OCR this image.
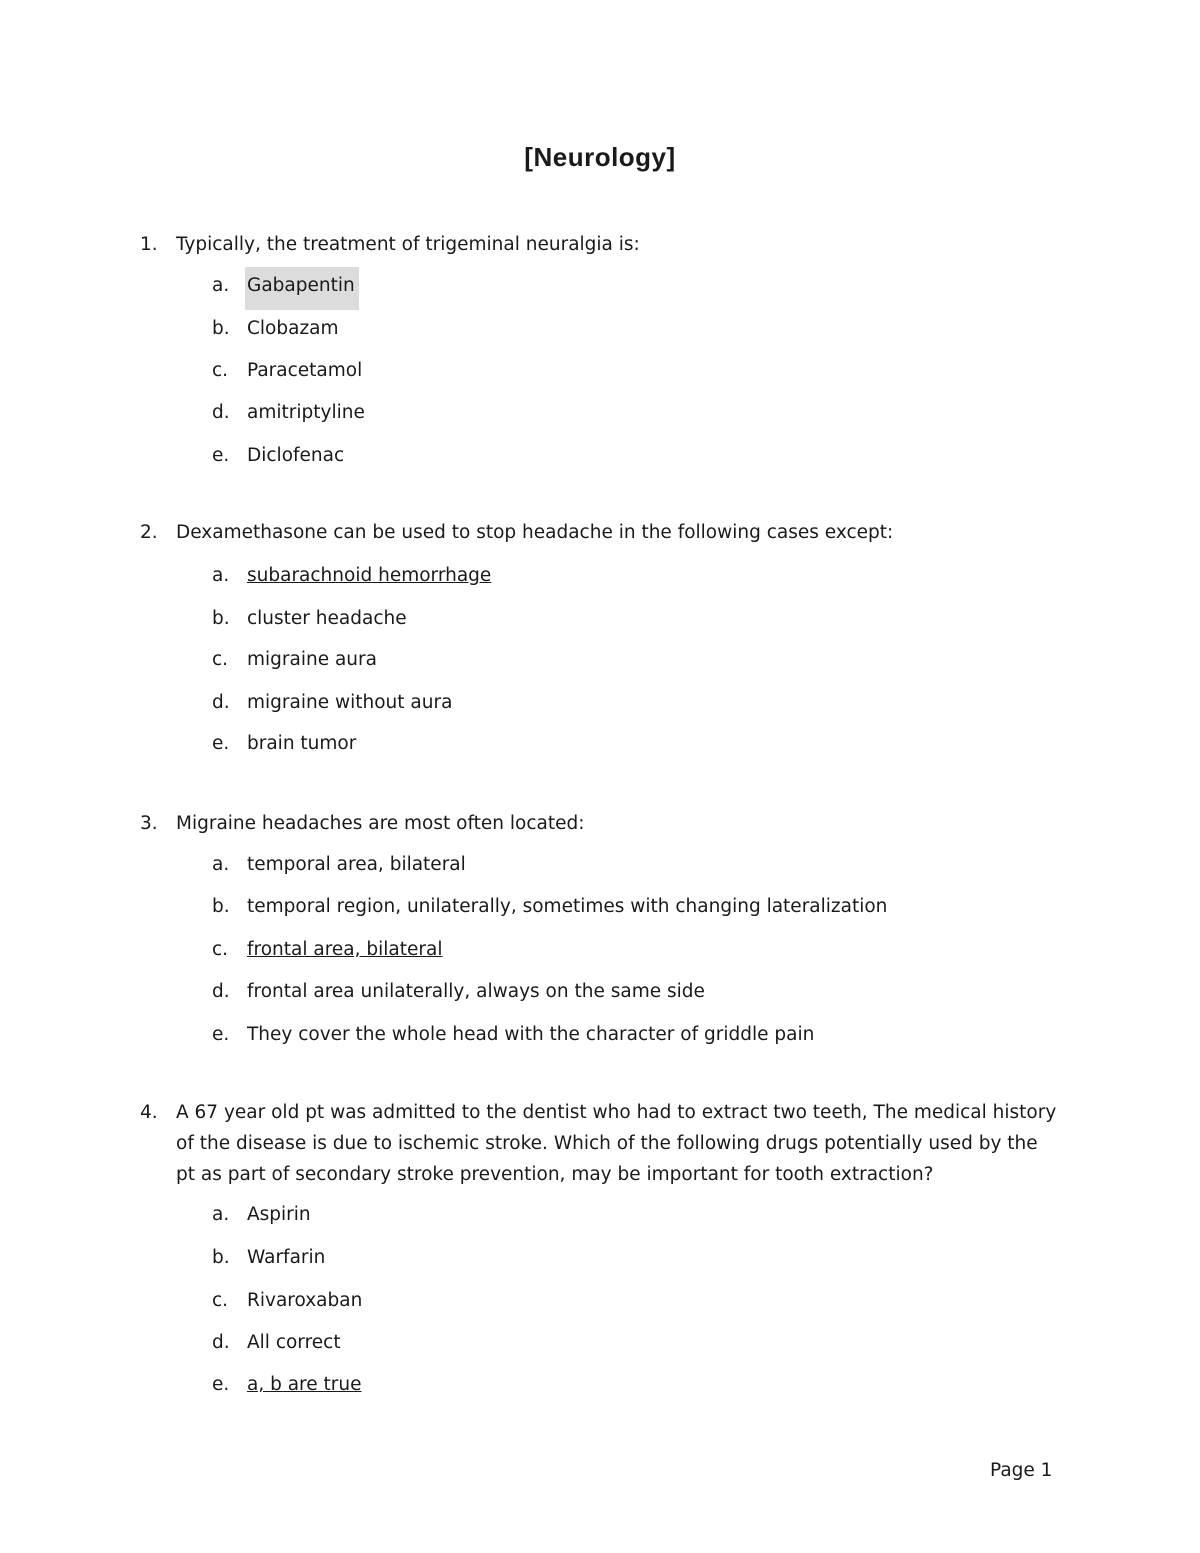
[Neurology]
1. Typically, the treatment of trigeminal neuralgia is:
a. Gabapentin
b. Clobazam
c. Paracetamol
d. amitriptyline
e. Diclofenac
2. Dexamethasone can be used to stop headache in the following cases except:
a. subarachnoid hemorrhage
b. cluster headache
c. migraine aura
d. migraine without aura
e. brain tumor
3. Migraine headaches are most often located:
a. temporal area, bilateral
b. temporal region, unilaterally, sometimes with changing lateralization
c. frontal area, bilateral
d. frontal area unilaterally, always on the same side
e. They cover the whole head with the character of griddle pain
4. A 67 year old pt was admitted to the dentist who had to extract two teeth, The medical history of the disease is due to ischemic stroke. Which of the following drugs potentially used by the pt as part of secondary stroke prevention, may be important for tooth extraction?
a. Aspirin
b. Warfarin
c. Rivaroxaban
d. All correct
e. a, b are true
Page 1
